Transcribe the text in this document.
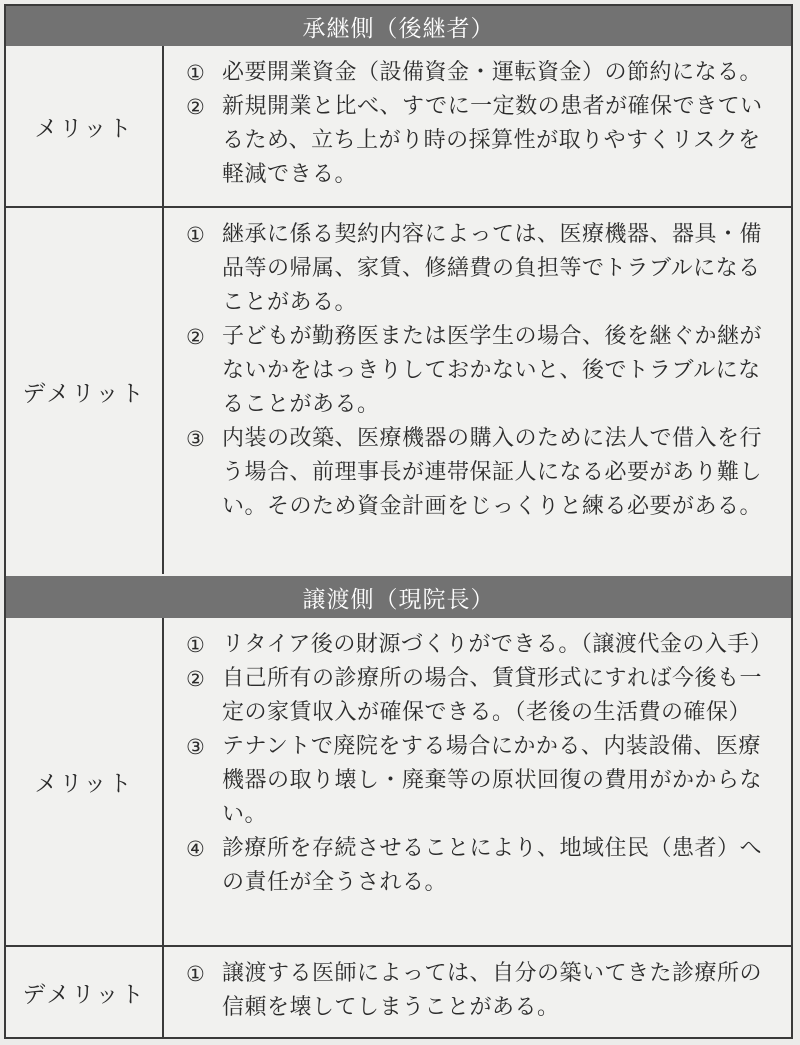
承継側（後継者）
メリット
① 必要開業資金（設備資金・運転資金）の節約になる。
② 新規開業と比べ、すでに一定数の患者が確保できているため、立ち上がり時の採算性が取りやすくリスクを軽減できる。
デメリット
① 継承に係る契約内容によっては、医療機器、器具・備品等の帰属、家賃、修繕費の負担等でトラブルになることがある。
② 子どもが勤務医または医学生の場合、後を継ぐか継がないかをはっきりしておかないと、後でトラブルになることがある。
③ 内装の改築、医療機器の購入のために法人で借入を行う場合、前理事長が連帯保証人になる必要があり難しい。そのため資金計画をじっくりと練る必要がある。
譲渡側（現院長）
メリット
① リタイア後の財源づくりができる。（譲渡代金の入手）
② 自己所有の診療所の場合、賃貸形式にすれば今後も一定の家賃収入が確保できる。（老後の生活費の確保）
③ テナントで廃院をする場合にかかる、内装設備、医療機器の取り壊し・廃棄等の原状回復の費用がかからない。
④ 診療所を存続させることにより、地域住民（患者）への責任が全うされる。
デメリット
① 譲渡する医師によっては、自分の築いてきた診療所の信頼を壊してしまうことがある。
